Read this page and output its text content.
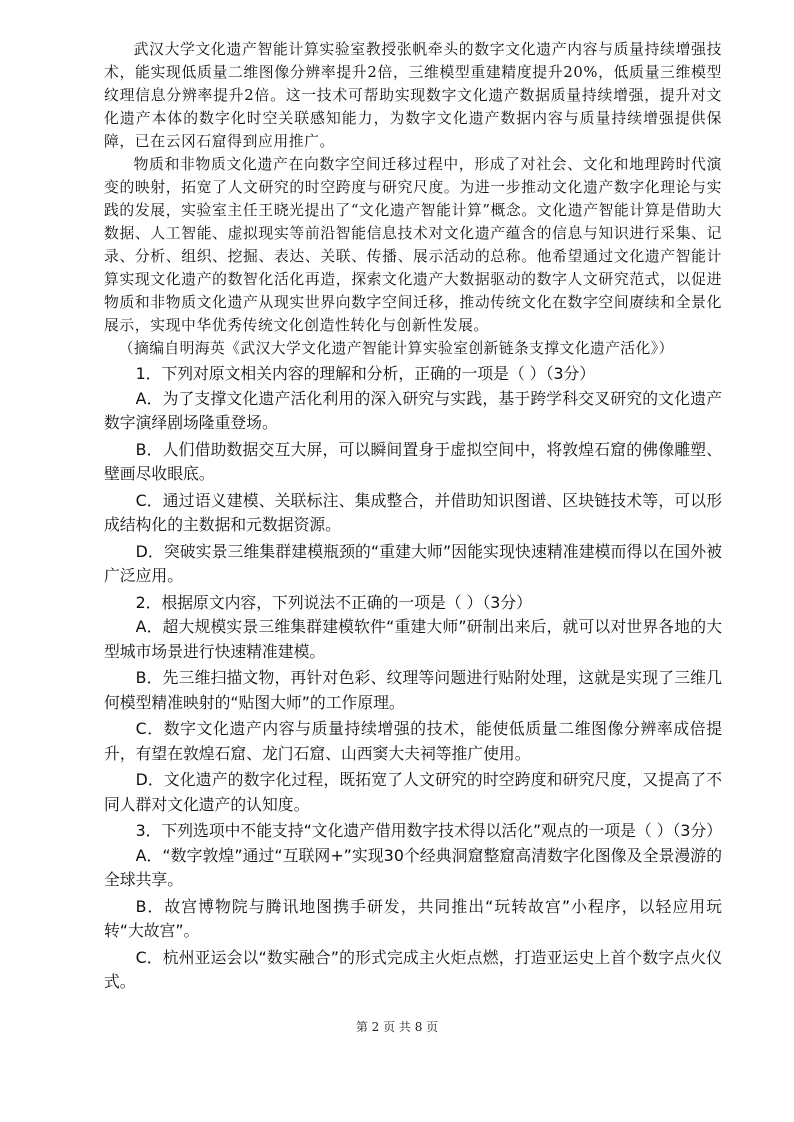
武汉大学文化遗产智能计算实验室教授张帆牵头的数字文化遗产内容与质量持续增强技术，能实现低质量二维图像分辨率提升2倍，三维模型重建精度提升20%，低质量三维模型纹理信息分辨率提升2倍。这一技术可帮助实现数字文化遗产数据质量持续增强，提升对文化遗产本体的数字化时空关联感知能力，为数字文化遗产数据内容与质量持续增强提供保障，已在云冈石窟得到应用推广。

物质和非物质文化遗产在向数字空间迁移过程中，形成了对社会、文化和地理跨时代演变的映射，拓宽了人文研究的时空跨度与研究尺度。为进一步推动文化遗产数字化理论与实践的发展，实验室主任王晓光提出了“文化遗产智能计算”概念。文化遗产智能计算是借助大数据、人工智能、虚拟现实等前沿智能信息技术对文化遗产蕴含的信息与知识进行采集、记录、分析、组织、挖掘、表达、关联、传播、展示活动的总称。他希望通过文化遗产智能计算实现文化遗产的数智化活化再造，探索文化遗产大数据驱动的数字人文研究范式，以促进物质和非物质文化遗产从现实世界向数字空间迁移，推动传统文化在数字空间赓续和全景化展示，实现中华优秀传统文化创造性转化与创新性发展。

（摘编自明海英《武汉大学文化遗产智能计算实验室创新链条支撑文化遗产活化》）

1．下列对原文相关内容的理解和分析，正确的一项是（ ）（3分）

A．为了支撑文化遗产活化利用的深入研究与实践，基于跨学科交叉研究的文化遗产数字演绎剧场隆重登场。

B．人们借助数据交互大屏，可以瞬间置身于虚拟空间中，将敦煌石窟的佛像雕塑、壁画尽收眼底。

C．通过语义建模、关联标注、集成整合，并借助知识图谱、区块链技术等，可以形成结构化的主数据和元数据资源。

D．突破实景三维集群建模瓶颈的“重建大师”因能实现快速精准建模而得以在国外被广泛应用。

2．根据原文内容，下列说法不正确的一项是（ ）（3分）

A．超大规模实景三维集群建模软件“重建大师”研制出来后，就可以对世界各地的大型城市场景进行快速精准建模。

B．先三维扫描文物，再针对色彩、纹理等问题进行贴附处理，这就是实现了三维几何模型精准映射的“贴图大师”的工作原理。

C．数字文化遗产内容与质量持续增强的技术，能使低质量二维图像分辨率成倍提升，有望在敦煌石窟、龙门石窟、山西窦大夫祠等推广使用。

D．文化遗产的数字化过程，既拓宽了人文研究的时空跨度和研究尺度，又提高了不同人群对文化遗产的认知度。

3．下列选项中不能支持“文化遗产借用数字技术得以活化”观点的一项是（ ）（3分）

A．“数字敦煌”通过“互联网+”实现30个经典洞窟整窟高清数字化图像及全景漫游的全球共享。

B．故宫博物院与腾讯地图携手研发，共同推出“玩转故宫”小程序，以轻应用玩转“大故宫”。

C．杭州亚运会以“数实融合”的形式完成主火炬点燃，打造亚运史上首个数字点火仪式。

第 2 页 共 8 页
